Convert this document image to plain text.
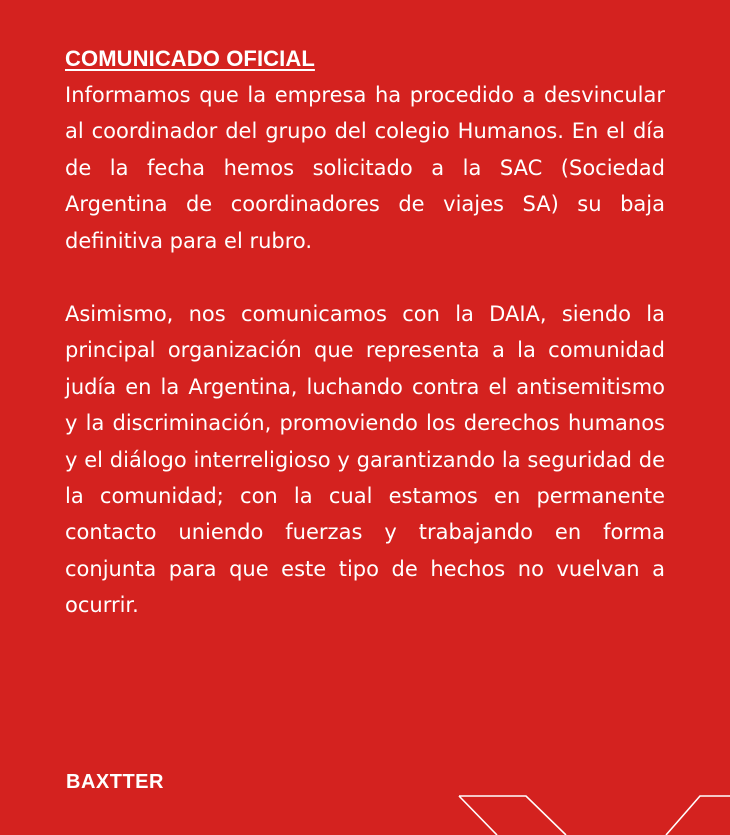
COMUNICADO OFICIAL

Informamos que la empresa ha procedido a desvincular al coordinador del grupo del colegio Humanos. En el día de la fecha hemos solicitado a la SAC (Sociedad Argentina de coordinadores de viajes SA) su baja definitiva para el rubro.

Asimismo, nos comunicamos con la DAIA, siendo la principal organización que representa a la comunidad judía en la Argentina, luchando contra el antisemitismo y la discriminación, promoviendo los derechos humanos y el diálogo interreligioso y garantizando la seguridad de la comunidad; con la cual estamos en permanente contacto uniendo fuerzas y trabajando en forma conjunta para que este tipo de hechos no vuelvan a ocurrir.

BAXTTER
